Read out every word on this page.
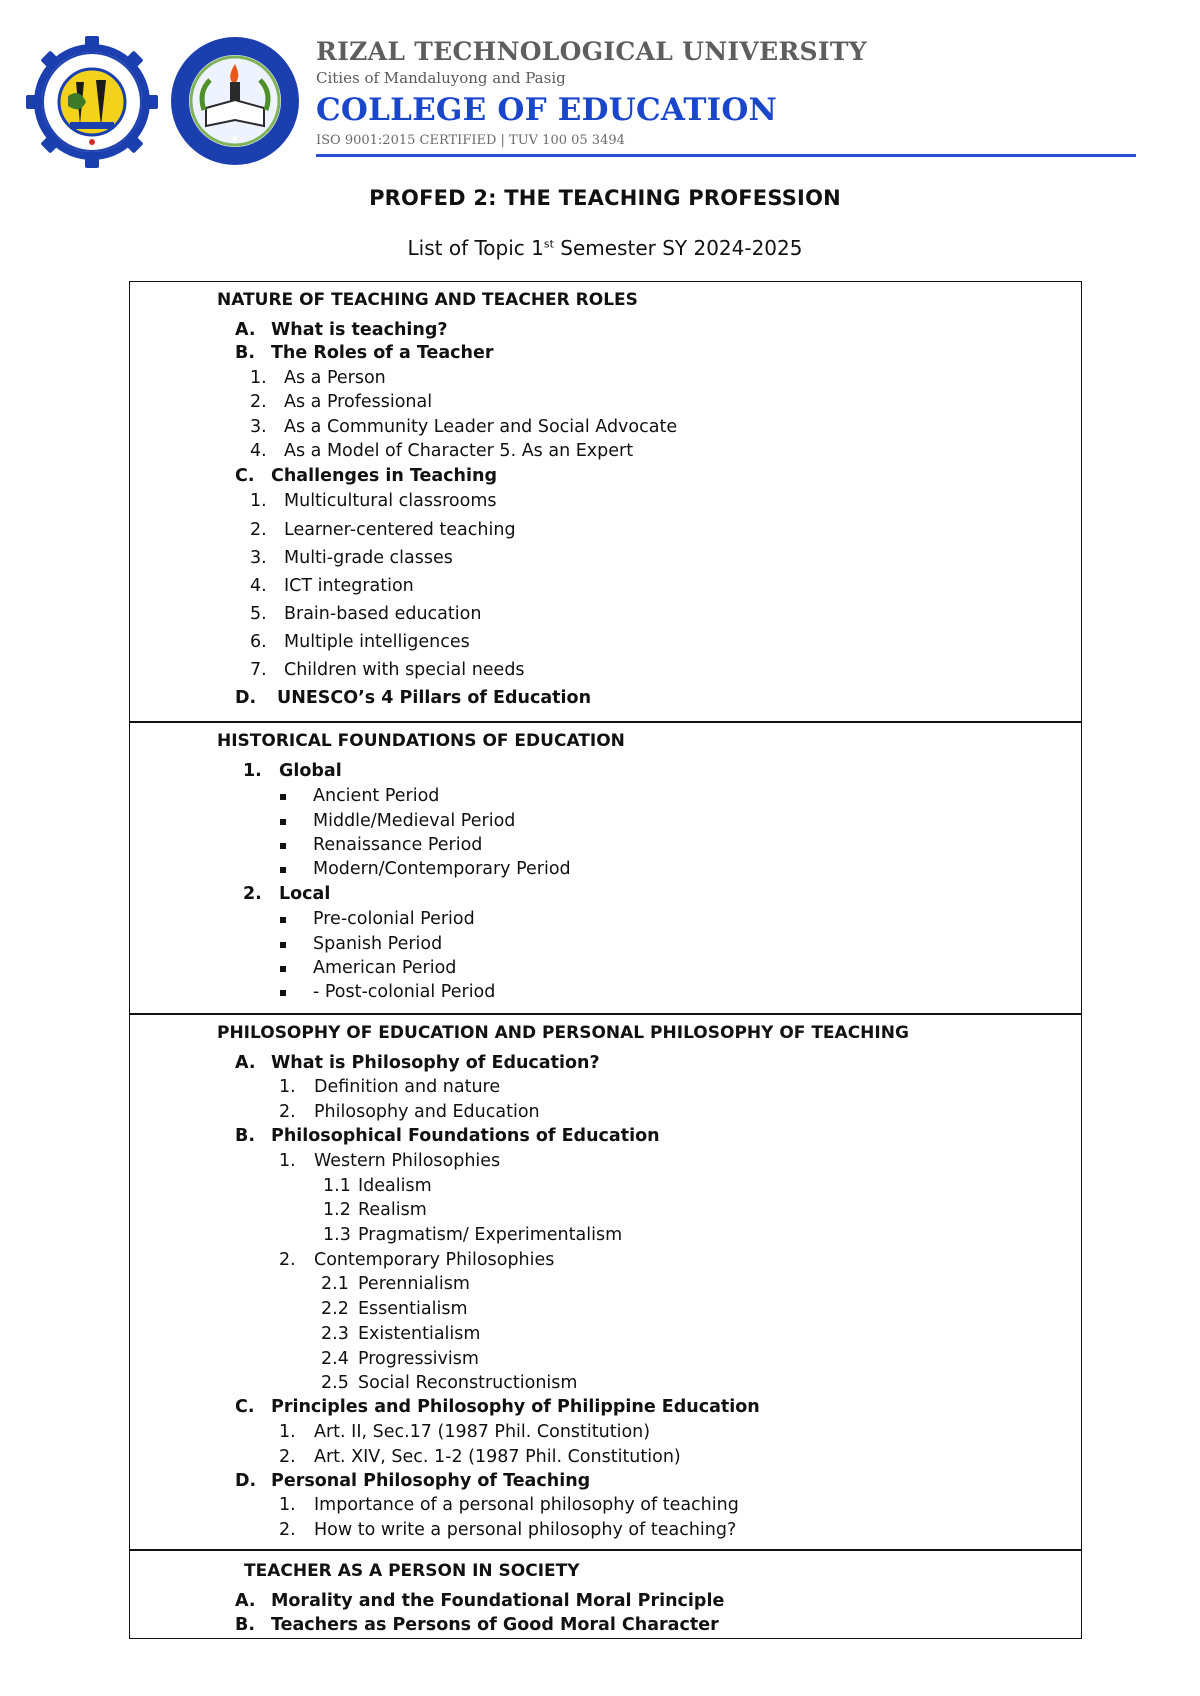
RIZAL TECHNOLOGICAL UNIVERSITY
Cities of Mandaluyong and Pasig
COLLEGE OF EDUCATION
ISO 9001:2015 CERTIFIED | TUV 100 05 3494
PROFED 2: THE TEACHING PROFESSION
List of Topic 1st Semester SY 2024-2025
NATURE OF TEACHING AND TEACHER ROLES
A. What is teaching?
B. The Roles of a Teacher
1. As a Person
2. As a Professional
3. As a Community Leader and Social Advocate
4. As a Model of Character 5. As an Expert
C. Challenges in Teaching
1. Multicultural classrooms
2. Learner-centered teaching
3. Multi-grade classes
4. ICT integration
5. Brain-based education
6. Multiple intelligences
7. Children with special needs
D. UNESCO’s 4 Pillars of Education
HISTORICAL FOUNDATIONS OF EDUCATION
1. Global
Ancient Period
Middle/Medieval Period
Renaissance Period
Modern/Contemporary Period
2. Local
Pre-colonial Period
Spanish Period
American Period
- Post-colonial Period
PHILOSOPHY OF EDUCATION AND PERSONAL PHILOSOPHY OF TEACHING
A. What is Philosophy of Education?
1. Definition and nature
2. Philosophy and Education
B. Philosophical Foundations of Education
1. Western Philosophies
1.1 Idealism
1.2 Realism
1.3 Pragmatism/ Experimentalism
2. Contemporary Philosophies
2.1 Perennialism
2.2 Essentialism
2.3 Existentialism
2.4 Progressivism
2.5 Social Reconstructionism
C. Principles and Philosophy of Philippine Education
1. Art. II, Sec.17 (1987 Phil. Constitution)
2. Art. XIV, Sec. 1-2 (1987 Phil. Constitution)
D. Personal Philosophy of Teaching
1. Importance of a personal philosophy of teaching
2. How to write a personal philosophy of teaching?
TEACHER AS A PERSON IN SOCIETY
A. Morality and the Foundational Moral Principle
B. Teachers as Persons of Good Moral Character
